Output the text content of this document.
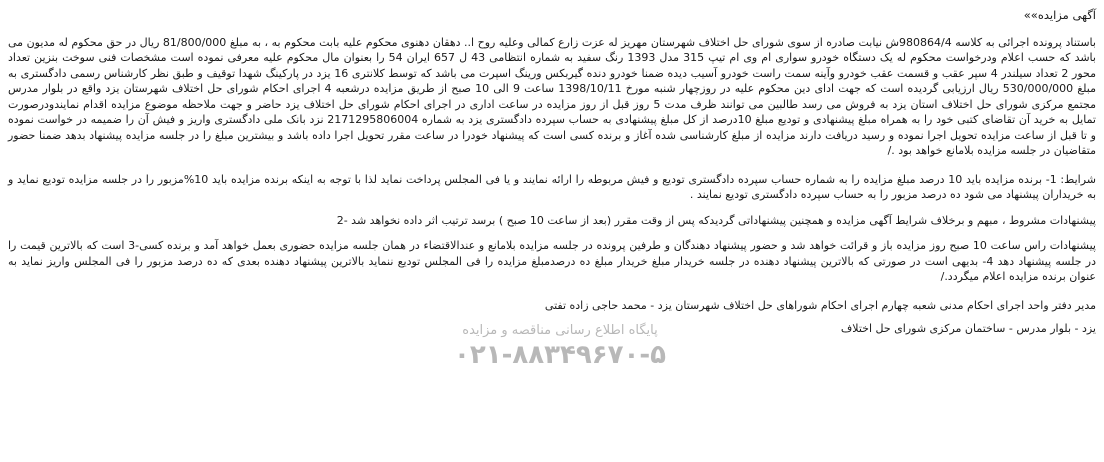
آگهی مزایده»»

باستناد پرونده اجرائی به کلاسه 980864/4ش نیابت صادره از سوی شورای حل اختلاف شهرستان مهریز له عزت زارع کمالی وعلیه روح ا.. دهقان دهنوی محکوم علیه بابت محکوم به ، به مبلغ 81/800/000 ریال در حق محکوم له مدیون می باشد که حسب اعلام ودرخواست محکوم له یک دستگاه خودرو سواری ام وی ام تیپ 315 مدل 1393 رنگ سفید به شماره انتظامی 43 ل 657 ایران 54 را بعنوان مال محکوم علیه معرفی نموده است مشخصات فنی سوخت بنزین تعداد محور 2 تعداد سیلندر 4 سپر عقب و قسمت عقب خودرو وآینه سمت راست خودرو آسیب دیده ضمنا خودرو دنده گیربکس ورینگ اسپرت می باشد که توسط کلانتری 16 یزد در پارکینگ شهدا توقیف و طبق نظر کارشناس رسمی دادگستری به مبلغ 530/000/000 ریال ارزیابی گردیده است که جهت ادای دین محکوم علیه در روزچهار شنبه مورخ 1398/10/11 ساعت 9 الی 10 صبح از طریق مزایده درشعبه 4 اجرای احکام شورای حل اختلاف شهرستان یزد واقع در بلوار مدرس مجتمع مرکزی شورای حل اختلاف استان یزد به فروش می رسد طالبین می توانند ظرف مدت 5 روز قبل از روز مزایده در ساعت اداری در اجرای احکام شورای حل اختلاف یزد حاضر و جهت ملاحظه موضوع مزایده اقدام نمایندودرصورت تمایل به خرید آن تقاضای کتبی خود را به همراه مبلغ پیشنهادی و تودیع مبلغ 10درصد از کل مبلغ پیشنهادی به حساب سپرده دادگستری یزد به شماره 2171295806004 نزد بانک ملی دادگستری واریز و فیش آن را ضمیمه در خواست نموده و تا قبل از ساعت مزایده تحویل اجرا نموده و رسید دریافت دارند مزایده از مبلغ کارشناسی شده آغاز و برنده کسی است که پیشنهاد خودرا در ساعت مقرر تحویل اجرا داده باشد و بیشترین مبلغ را در جلسه مزایده پیشنهاد بدهد ضمنا حضور متقاضیان در جلسه مزایده بلامانع خواهد بود ./

شرایط: 1- برنده مزایده باید 10 درصد مبلغ مزایده را به شماره حساب سپرده دادگستری تودیع و فیش مربوطه را ارائه نمایند و یا فی المجلس پرداخت نماید لذا با توجه به اینکه برنده مزایده باید 10%مزبور را در جلسه مزایده تودیع نماید و به خریداران پیشنهاد می شود ده درصد مزبور را به حساب سپرده دادگستری تودیع نمایند .

پیشنهادات مشروط ، مبهم و برخلاف شرایط آگهی مزایده و همچنین پیشنهاداتی گردیدکه پس از وقت مقرر (بعد از ساعت 10 صبح ) برسد ترتیب اثر داده نخواهد شد -2

پیشنهادات راس ساعت 10 صبح روز مزایده باز و قرائت خواهد شد و حضور پیشنهاد دهندگان و طرفین پرونده در جلسه مزایده بلامانع و عندالاقتضاء در همان جلسه مزایده حضوری بعمل خواهد آمد و برنده کسی-3 است که بالاترین قیمت را در جلسه پیشنهاد دهد 4- بدیهی است در صورتی که بالاترین پیشنهاد دهنده در جلسه خریدار مبلغ خریدار مبلغ ده درصدمبلغ مزایده را فی المجلس تودیع ننماید بالاترین پیشنهاد دهنده بعدی که ده درصد مزبور را فی المجلس واریز نماید به عنوان برنده مزایده اعلام میگردد./

مدیر دفتر واحد اجرای احکام مدنی شعبه چهارم اجرای احکام شوراهای حل اختلاف شهرستان یزد - محمد حاجی زاده تفتی

یزد - بلوار مدرس - ساختمان مرکزی شورای حل اختلاف

پایگاه اطلاع رسانی مناقصه و مزایده
۰۲۱-۸۸۳۴۹۶۷۰-۵
